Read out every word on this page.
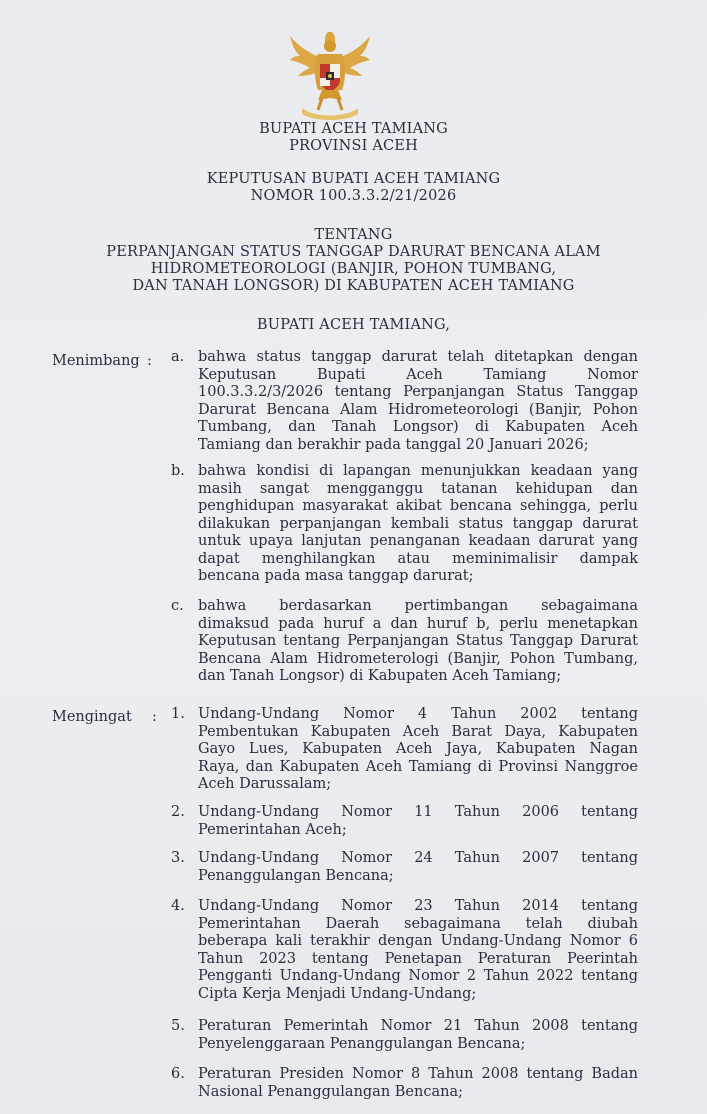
BUPATI ACEH TAMIANG
PROVINSI ACEH
KEPUTUSAN BUPATI ACEH TAMIANG
NOMOR 100.3.3.2/21/2026
TENTANG
PERPANJANGAN STATUS TANGGAP DARURAT BENCANA ALAM
HIDROMETEOROLOGI (BANJIR, POHON TUMBANG,
DAN TANAH LONGSOR) DI KABUPATEN ACEH TAMIANG
BUPATI ACEH TAMIANG,
Menimbang : a. bahwa status tanggap darurat telah ditetapkan dengan
Keputusan Bupati Aceh Tamiang Nomor
100.3.3.2/3/2026 tentang Perpanjangan Status Tanggap
Darurat Bencana Alam Hidrometeorologi (Banjir, Pohon
Tumbang, dan Tanah Longsor) di Kabupaten Aceh
Tamiang dan berakhir pada tanggal 20 Januari 2026;
b. bahwa kondisi di lapangan menunjukkan keadaan yang
masih sangat mengganggu tatanan kehidupan dan
penghidupan masyarakat akibat bencana sehingga, perlu
dilakukan perpanjangan kembali status tanggap darurat
untuk upaya lanjutan penanganan keadaan darurat yang
dapat menghilangkan atau meminimalisir dampak
bencana pada masa tanggap darurat;
c. bahwa berdasarkan pertimbangan sebagaimana
dimaksud pada huruf a dan huruf b, perlu menetapkan
Keputusan tentang Perpanjangan Status Tanggap Darurat
Bencana Alam Hidrometerologi (Banjir, Pohon Tumbang,
dan Tanah Longsor) di Kabupaten Aceh Tamiang;
Mengingat : 1. Undang-Undang Nomor 4 Tahun 2002 tentang
Pembentukan Kabupaten Aceh Barat Daya, Kabupaten
Gayo Lues, Kabupaten Aceh Jaya, Kabupaten Nagan
Raya, dan Kabupaten Aceh Tamiang di Provinsi Nanggroe
Aceh Darussalam;
2. Undang-Undang Nomor 11 Tahun 2006 tentang
Pemerintahan Aceh;
3. Undang-Undang Nomor 24 Tahun 2007 tentang
Penanggulangan Bencana;
4. Undang-Undang Nomor 23 Tahun 2014 tentang
Pemerintahan Daerah sebagaimana telah diubah
beberapa kali terakhir dengan Undang-Undang Nomor 6
Tahun 2023 tentang Penetapan Peraturan Peerintah
Pengganti Undang-Undang Nomor 2 Tahun 2022 tentang
Cipta Kerja Menjadi Undang-Undang;
5. Peraturan Pemerintah Nomor 21 Tahun 2008 tentang
Penyelenggaraan Penanggulangan Bencana;
6. Peraturan Presiden Nomor 8 Tahun 2008 tentang Badan
Nasional Penanggulangan Bencana;
